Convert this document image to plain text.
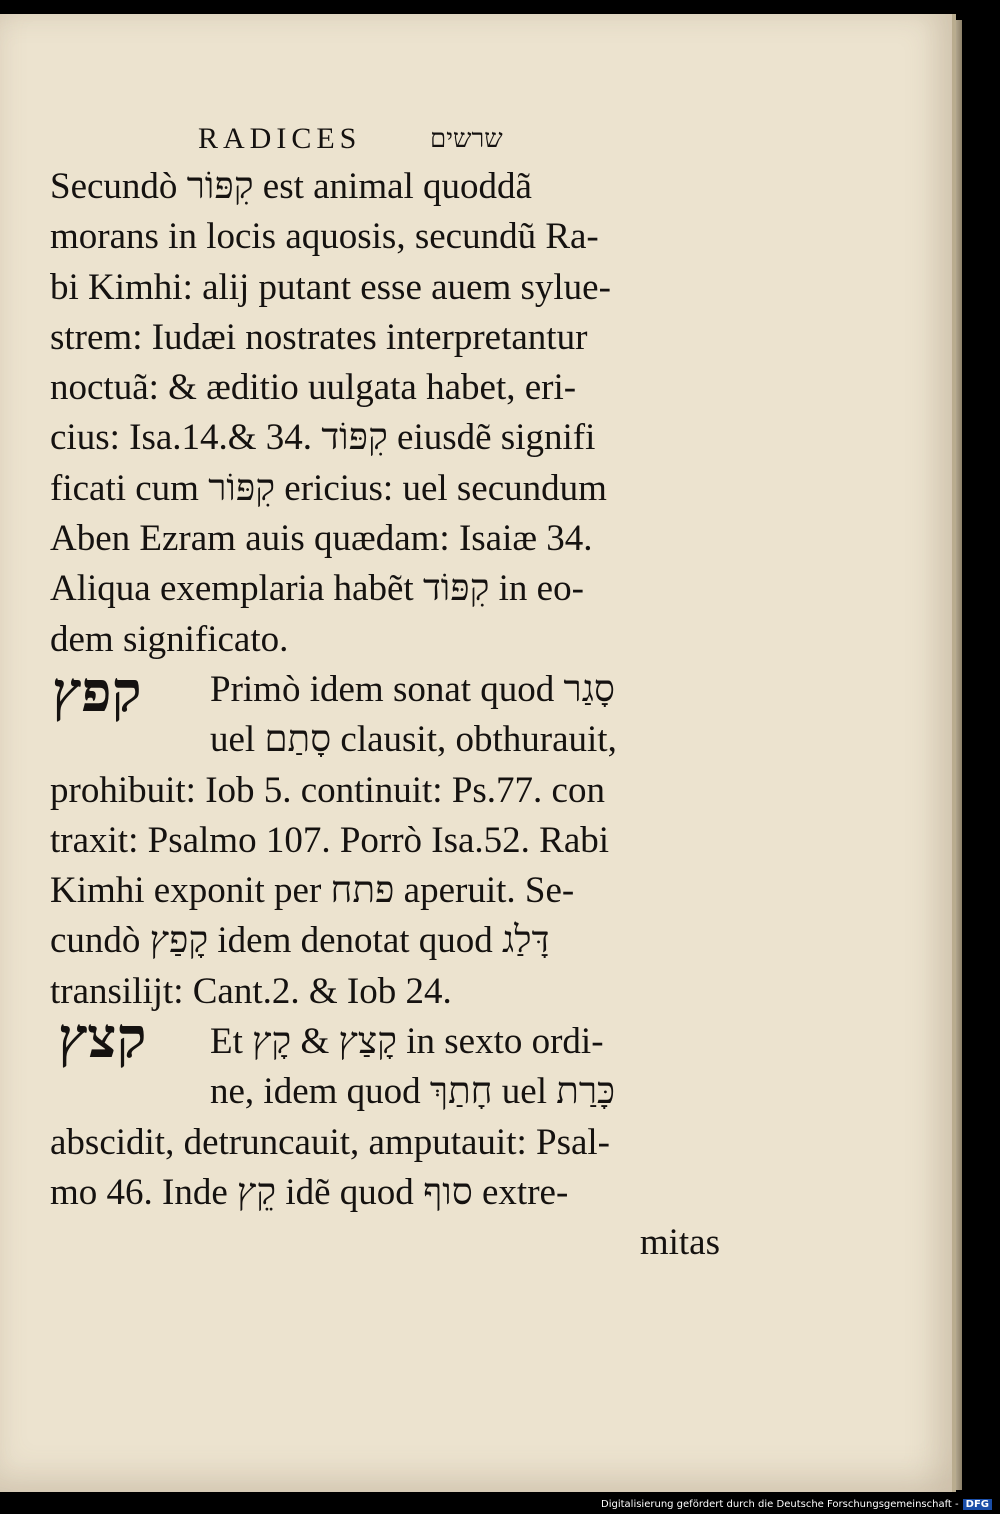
RADICES	שרשים
קפץ
קצץ
Secundò קִפּוֹר est animal quoddã
morans in locis aquosis, secundũ Ra-
bi Kimhi: alĳ putant esse auem sylue-
strem: Iudæi nostrates interpretantur
noctuã: & æditio uulgata habet, eri-
cius: Isa.14.& 34. קִפּוֹד eiusdẽ signifi
ficati cum קִפּוֹר ericius: uel secundum
Aben Ezram auis quædam: Isaiæ 34.
Aliqua exemplaria habẽt קִפּוֹד in eo-
dem significato.
Primò idem sonat quod סָגַר
uel סָתַם clausit, obthurauit,
prohibuit: Iob 5. continuit: Ps.77. con
traxit: Psalmo 107. Porrò Isa.52. Rabi
Kimhi exponit per פתח aperuit. Se-
cundò קָפַץ idem denotat quod דָּלַג
transilĳt: Cant.2. & Iob 24.
Et קָצַץ & קָץ in sexto ordi-
ne, idem quod חָתַךְ uel כָּרַת
abscidit, detruncauit, amputauit: Psal-
mo 46. Inde קֵץ idẽ quod סוף extre-
mitas
Digitalisierung gefördert durch die Deutsche Forschungsgemeinschaft - DFG
